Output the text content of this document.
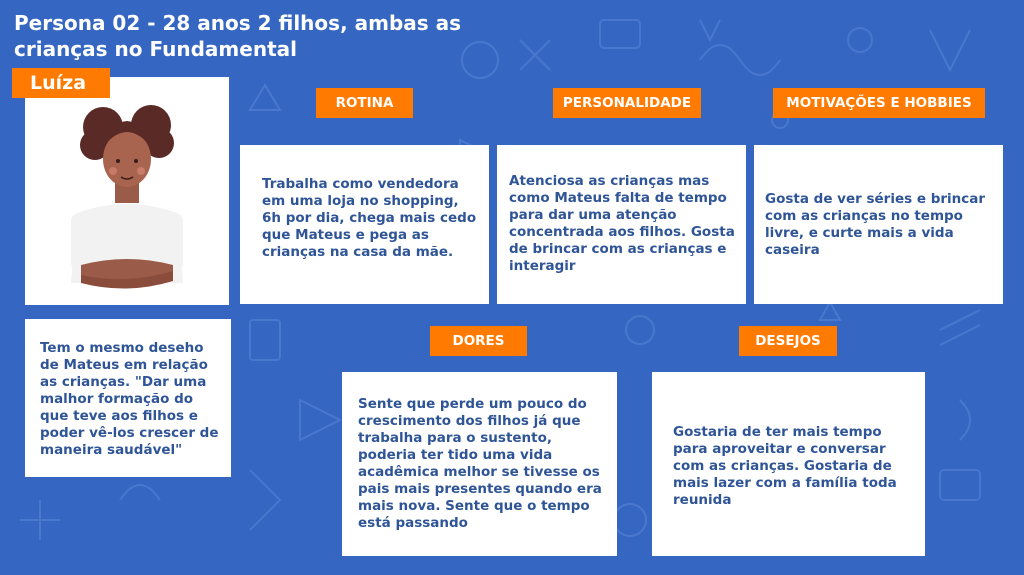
Persona 02 - 28 anos 2 filhos, ambas as crianças no Fundamental
Luíza
Tem o mesmo deseho de Mateus em relação as crianças. "Dar uma malhor formação do que teve aos filhos e poder vê-los crescer de maneira saudável"
ROTINA
Trabalha como vendedora em uma loja no shopping, 6h por dia, chega mais cedo que Mateus e pega as crianças na casa da mãe.
PERSONALIDADE
Atenciosa as crianças mas como Mateus falta de tempo para dar uma atenção concentrada aos filhos. Gosta de brincar com as crianças e interagir
MOTIVAÇÕES E HOBBIES
Gosta de ver séries e brincar com as crianças no tempo livre, e curte mais a vida caseira
DORES
Sente que perde um pouco do crescimento dos filhos já que trabalha para o sustento, poderia ter tido uma vida acadêmica melhor se tivesse os pais mais presentes quando era mais nova. Sente que o tempo está passando
DESEJOS
Gostaria de ter mais tempo para aproveitar e conversar com as crianças. Gostaria de mais lazer com a família toda reunida
